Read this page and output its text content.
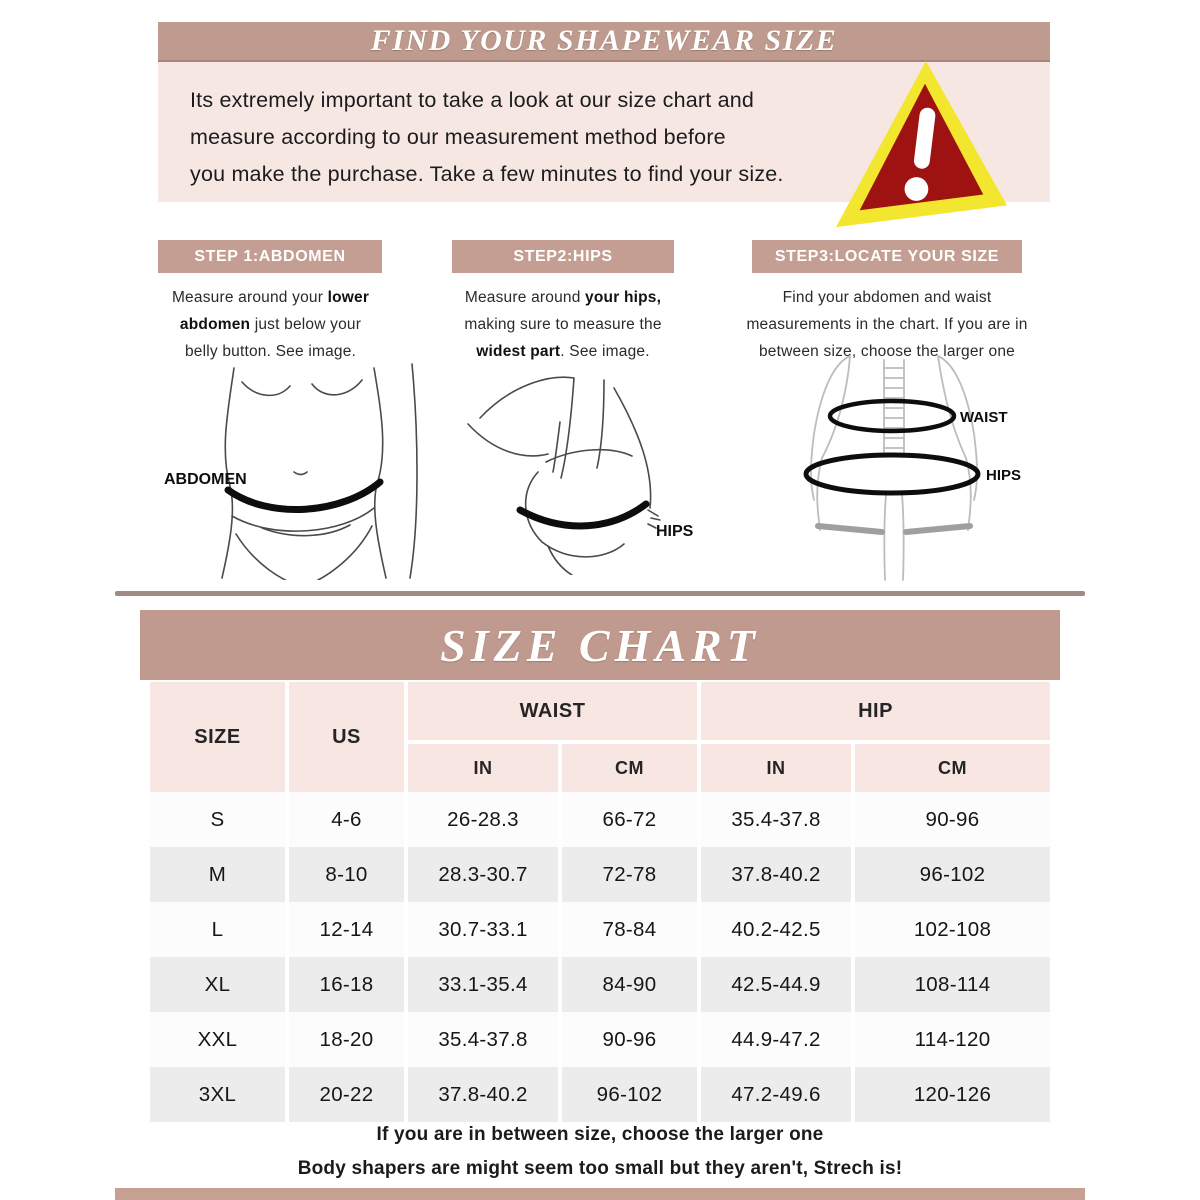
FIND YOUR SHAPEWEAR SIZE
Its extremely important to take a look at our size chart and
measure according to our measurement method before
you make the purchase. Take a few minutes to find your size.
STEP 1:ABDOMEN	STEP2:HIPS	STEP3:LOCATE YOUR SIZE
Measure around your lower abdomen just below your belly button. See image.
Measure around your hips, making sure to measure the widest part. See image.
Find your abdomen and waist measurements in the chart. If you are in between size, choose the larger one
ABDOMEN
HIPS
WAIST
HIPS
SIZE CHART
SIZE	US	WAIST		HIP	
		IN	CM	IN	CM
S	4-6	26-28.3	66-72	35.4-37.8	90-96
M	8-10	28.3-30.7	72-78	37.8-40.2	96-102
L	12-14	30.7-33.1	78-84	40.2-42.5	102-108
XL	16-18	33.1-35.4	84-90	42.5-44.9	108-114
XXL	18-20	35.4-37.8	90-96	44.9-47.2	114-120
3XL	20-22	37.8-40.2	96-102	47.2-49.6	120-126
If you are in between size, choose the larger one
Body shapers are might seem too small but they aren't, Strech is!
